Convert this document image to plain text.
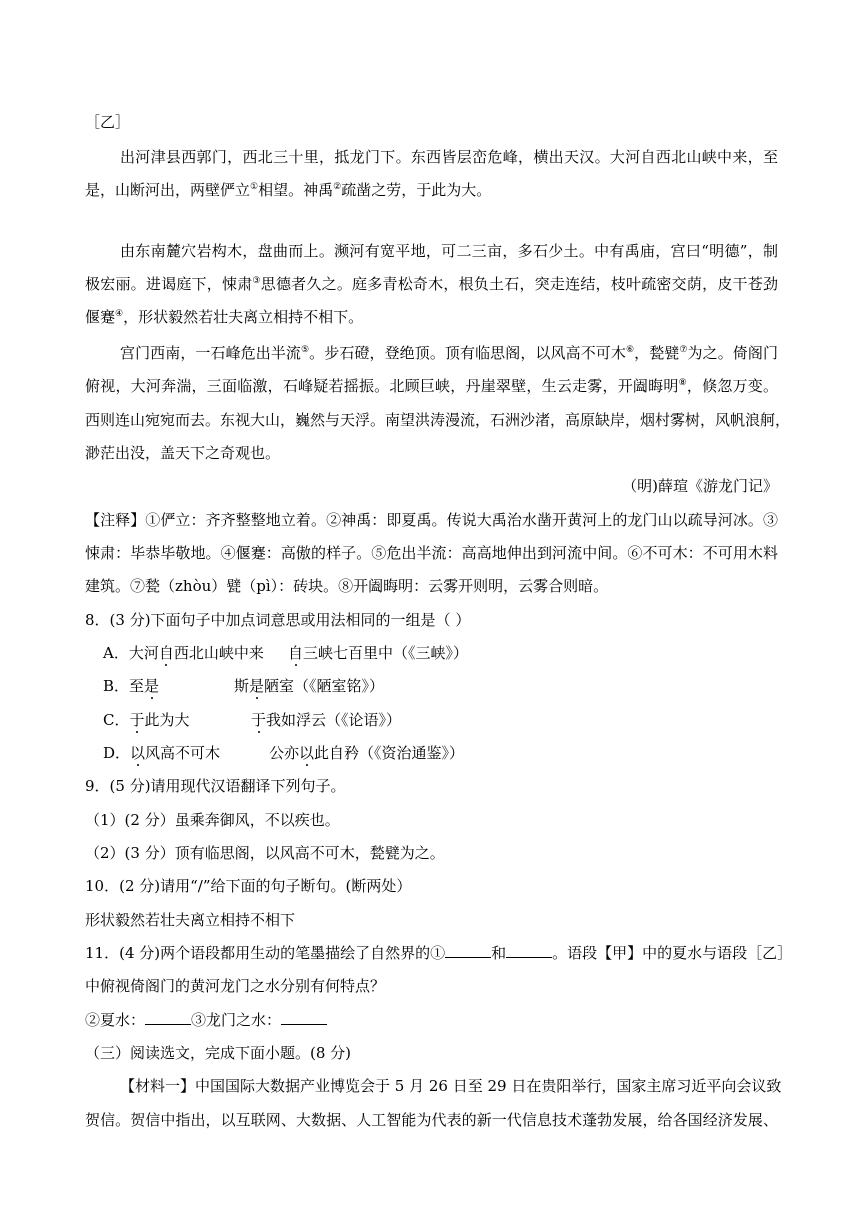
［乙］
出河津县西郭门，西北三十里，抵龙门下。东西皆层峦危峰，横出天汉。大河自西北山峡中来，至
是，山断河出，两壁俨立①相望。神禹②疏凿之劳，于此为大。
由东南麓穴岩构木，盘曲而上。濒河有宽平地，可二三亩，多石少土。中有禹庙，宫曰“明德”，制
极宏丽。进谒庭下，悚肃③思德者久之。庭多青松奇木，根负土石，突走连结，枝叶疏密交荫，皮干苍劲
偃蹇④，形状毅然若壮夫离立相持不相下。
宫门西南，一石峰危出半流⑤。步石磴，登绝顶。顶有临思阁，以风高不可木⑥，甃甓⑦为之。倚阁门
俯视，大河奔湍，三面临激，石峰疑若摇振。北顾巨峡，丹崖翠壁，生云走雾，开阖晦明⑧，倏忽万变。
西则连山宛宛而去。东视大山，巍然与天浮。南望洪涛漫流，石洲沙渚，高原缺岸，烟村雾树，风帆浪舸，
渺茫出没，盖天下之奇观也。
（明)薛瑄《游龙门记》
【注释】①俨立：齐齐整整地立着。②神禹：即夏禹。传说大禹治水凿开黄河上的龙门山以疏导河冰。③
悚肃：毕恭毕敬地。④偃蹇：高傲的样子。⑤危出半流：高高地伸出到河流中间。⑥不可木：不可用木料
建筑。⑦甃（zhòu）甓（pì）：砖块。⑧开阖晦明：云雾开则明，云雾合则暗。
8．(3 分)下面句子中加点词意思或用法相同的一组是（ ）
A．大河自西北山峡中来 自三峡七百里中（《三峡》）
B．至是	斯是陋室（《陋室铭》）
C．于此为大	于我如浮云（《论语》）
D．以风高不可木	公亦以此自矜（《资治通鉴》）
9．(5 分)请用现代汉语翻译下列句子。
（1）(2 分）虽乘奔御风，不以疾也。
（2）(3 分）顶有临思阁，以风高不可木，甃甓为之。
10．(2 分)请用“/”给下面的句子断句。(断两处）
形状毅然若壮夫离立相持不相下
11．(4 分)两个语段都用生动的笔墨描绘了自然界的①	和	。语段【甲】中的夏水与语段［乙］
中俯视倚阁门的黄河龙门之水分别有何特点？
②夏水：	③龙门之水：
（三）阅读选文，完成下面小题。(8 分)
【材料一】中国国际大数据产业博览会于 5 月 26 日至 29 日在贵阳举行，国家主席习近平向会议致
贺信。贺信中指出，以互联网、大数据、人工智能为代表的新一代信息技术蓬勃发展，给各国经济发展、
